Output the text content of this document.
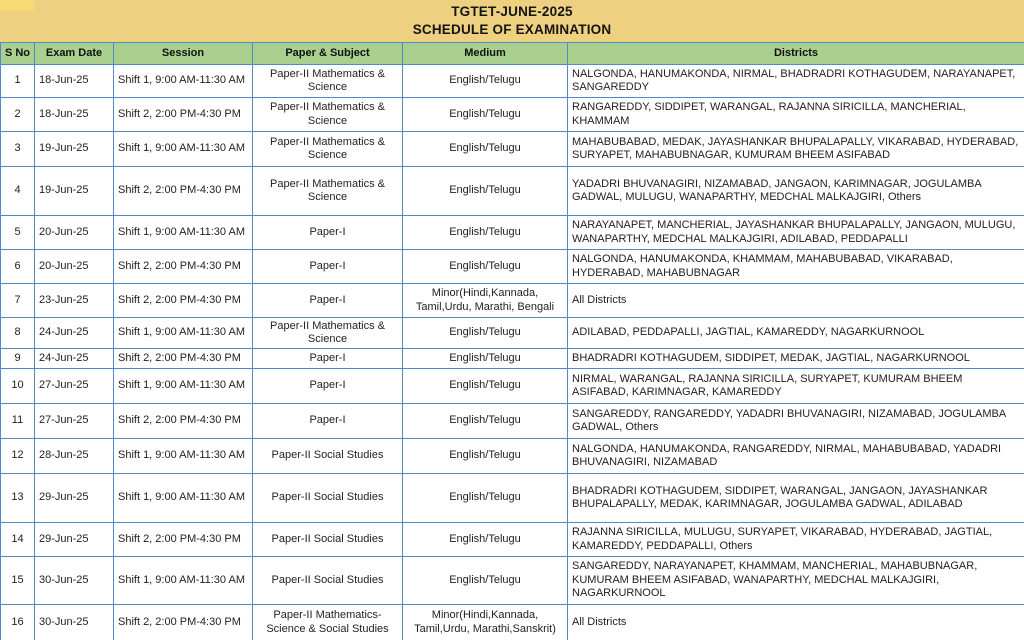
TGTET-JUNE-2025
SCHEDULE OF EXAMINATION
S No	Exam Date	Session	Paper & Subject	Medium	Districts
1	18-Jun-25	Shift 1, 9:00 AM-11:30 AM	Paper-II Mathematics & Science	English/Telugu	NALGONDA, HANUMAKONDA, NIRMAL, BHADRADRI KOTHAGUDEM, NARAYANAPET, SANGAREDDY
2	18-Jun-25	Shift 2, 2:00 PM-4:30 PM	Paper-II Mathematics & Science	English/Telugu	RANGAREDDY, SIDDIPET, WARANGAL, RAJANNA SIRICILLA, MANCHERIAL, KHAMMAM
3	19-Jun-25	Shift 1, 9:00 AM-11:30 AM	Paper-II Mathematics & Science	English/Telugu	MAHABUBABAD, MEDAK, JAYASHANKAR BHUPALAPALLY, VIKARABAD, HYDERABAD, SURYAPET, MAHABUBNAGAR, KUMURAM BHEEM ASIFABAD
4	19-Jun-25	Shift 2, 2:00 PM-4:30 PM	Paper-II Mathematics & Science	English/Telugu	YADADRI BHUVANAGIRI, NIZAMABAD, JANGAON, KARIMNAGAR, JOGULAMBA GADWAL, MULUGU, WANAPARTHY, MEDCHAL MALKAJGIRI, Others
5	20-Jun-25	Shift 1, 9:00 AM-11:30 AM	Paper-I	English/Telugu	NARAYANAPET, MANCHERIAL, JAYASHANKAR BHUPALAPALLY, JANGAON, MULUGU, WANAPARTHY, MEDCHAL MALKAJGIRI, ADILABAD, PEDDAPALLI
6	20-Jun-25	Shift 2, 2:00 PM-4:30 PM	Paper-I	English/Telugu	NALGONDA, HANUMAKONDA, KHAMMAM, MAHABUBABAD, VIKARABAD, HYDERABAD, MAHABUBNAGAR
7	23-Jun-25	Shift 2, 2:00 PM-4:30 PM	Paper-I	Minor(Hindi,Kannada, Tamil,Urdu, Marathi, Bengali	All Districts
8	24-Jun-25	Shift 1, 9:00 AM-11:30 AM	Paper-II Mathematics & Science	English/Telugu	ADILABAD, PEDDAPALLI, JAGTIAL, KAMAREDDY, NAGARKURNOOL
9	24-Jun-25	Shift 2, 2:00 PM-4:30 PM	Paper-I	English/Telugu	BHADRADRI KOTHAGUDEM, SIDDIPET, MEDAK, JAGTIAL, NAGARKURNOOL
10	27-Jun-25	Shift 1, 9:00 AM-11:30 AM	Paper-I	English/Telugu	NIRMAL, WARANGAL, RAJANNA SIRICILLA, SURYAPET, KUMURAM BHEEM ASIFABAD, KARIMNAGAR, KAMAREDDY
11	27-Jun-25	Shift 2, 2:00 PM-4:30 PM	Paper-I	English/Telugu	SANGAREDDY, RANGAREDDY, YADADRI BHUVANAGIRI, NIZAMABAD, JOGULAMBA GADWAL, Others
12	28-Jun-25	Shift 1, 9:00 AM-11:30 AM	Paper-II Social Studies	English/Telugu	NALGONDA, HANUMAKONDA, RANGAREDDY, NIRMAL, MAHABUBABAD, YADADRI BHUVANAGIRI, NIZAMABAD
13	29-Jun-25	Shift 1, 9:00 AM-11:30 AM	Paper-II Social Studies	English/Telugu	BHADRADRI KOTHAGUDEM, SIDDIPET, WARANGAL, JANGAON, JAYASHANKAR BHUPALAPALLY, MEDAK, KARIMNAGAR, JOGULAMBA GADWAL, ADILABAD
14	29-Jun-25	Shift 2, 2:00 PM-4:30 PM	Paper-II Social Studies	English/Telugu	RAJANNA SIRICILLA, MULUGU, SURYAPET, VIKARABAD, HYDERABAD, JAGTIAL, KAMAREDDY, PEDDAPALLI, Others
15	30-Jun-25	Shift 1, 9:00 AM-11:30 AM	Paper-II Social Studies	English/Telugu	SANGAREDDY, NARAYANAPET, KHAMMAM, MANCHERIAL, MAHABUBNAGAR, KUMURAM BHEEM ASIFABAD, WANAPARTHY, MEDCHAL MALKAJGIRI, NAGARKURNOOL
16	30-Jun-25	Shift 2, 2:00 PM-4:30 PM	Paper-II Mathematics- Science & Social Studies	Minor(Hindi,Kannada, Tamil,Urdu, Marathi,Sanskrit)	All Districts
